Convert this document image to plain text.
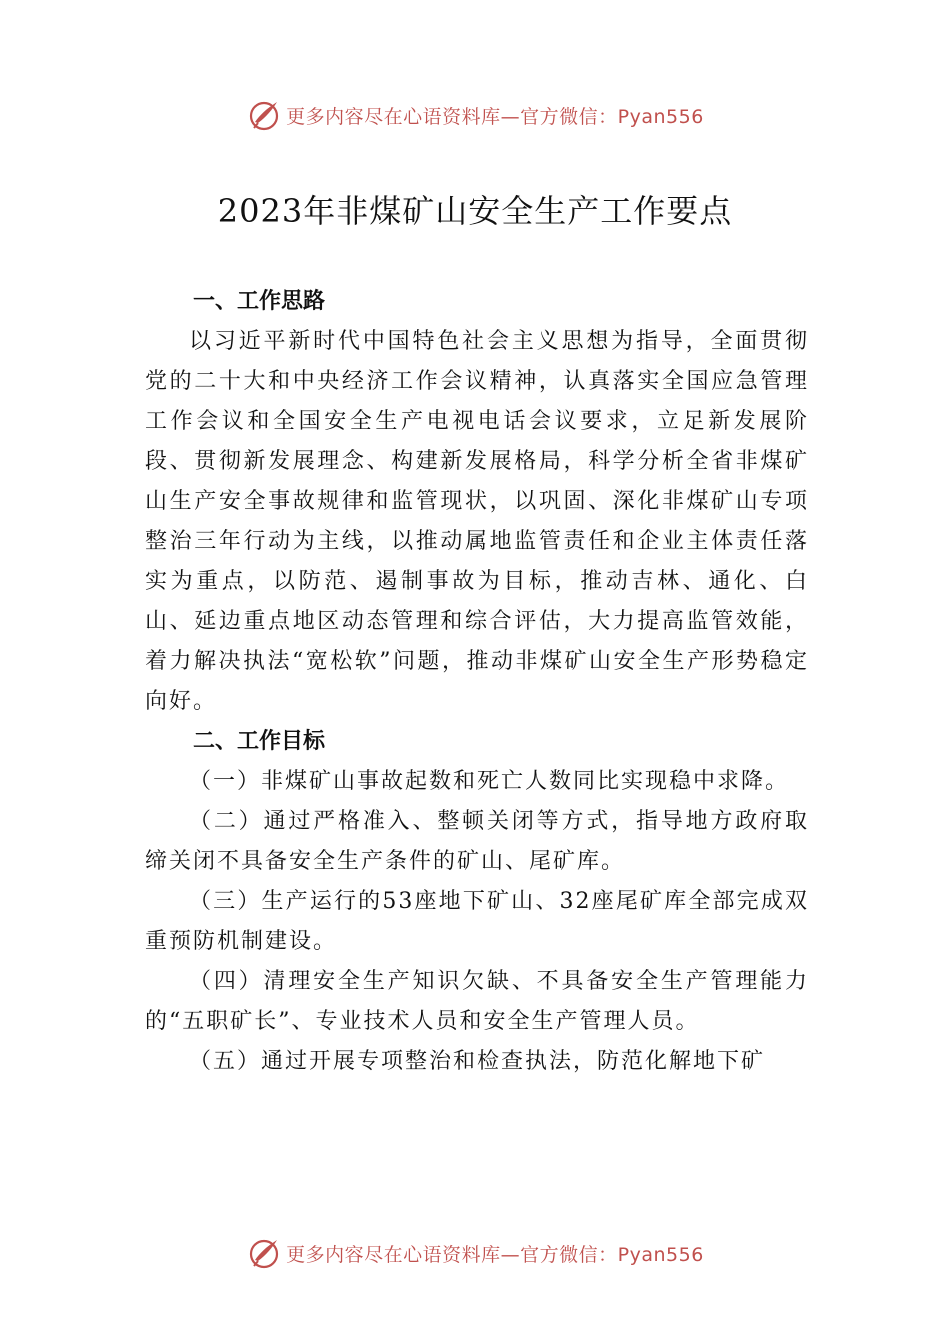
更多内容尽在心语资料库—官方微信：Pyan556
2023年非煤矿山安全生产工作要点

一、工作思路

以习近平新时代中国特色社会主义思想为指导，全面贯彻党的二十大和中央经济工作会议精神，认真落实全国应急管理工作会议和全国安全生产电视电话会议要求，立足新发展阶段、贯彻新发展理念、构建新发展格局，科学分析全省非煤矿山生产安全事故规律和监管现状，以巩固、深化非煤矿山专项整治三年行动为主线，以推动属地监管责任和企业主体责任落实为重点，以防范、遏制事故为目标，推动吉林、通化、白山、延边重点地区动态管理和综合评估，大力提高监管效能，着力解决执法“宽松软”问题，推动非煤矿山安全生产形势稳定向好。

二、工作目标

（一）非煤矿山事故起数和死亡人数同比实现稳中求降。

（二）通过严格准入、整顿关闭等方式，指导地方政府取缔关闭不具备安全生产条件的矿山、尾矿库。

（三）生产运行的53座地下矿山、32座尾矿库全部完成双重预防机制建设。

（四）清理安全生产知识欠缺、不具备安全生产管理能力的“五职矿长”、专业技术人员和安全生产管理人员。

（五）通过开展专项整治和检查执法，防范化解地下矿

更多内容尽在心语资料库—官方微信：Pyan556
